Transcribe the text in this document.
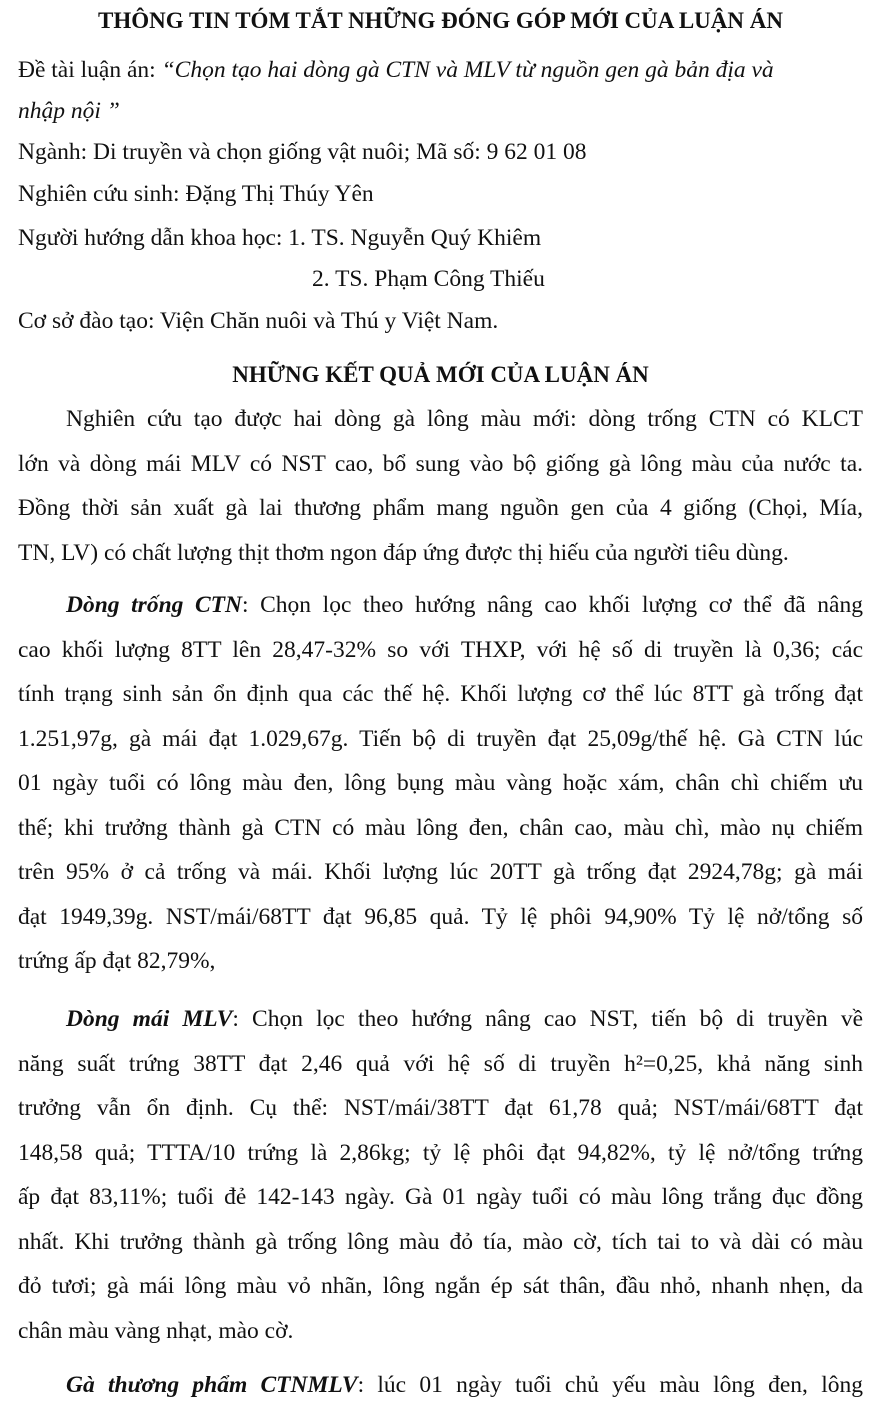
THÔNG TIN TÓM TẮT NHỮNG ĐÓNG GÓP MỚI CỦA LUẬN ÁN

Đề tài luận án: “Chọn tạo hai dòng gà CTN và MLV từ nguồn gen gà bản địa và

nhập nội ”

Ngành: Di truyền và chọn giống vật nuôi; Mã số: 9 62 01 08

Nghiên cứu sinh: Đặng Thị Thúy Yên

Người hướng dẫn khoa học: 1. TS. Nguyễn Quý Khiêm

2. TS. Phạm Công Thiếu

Cơ sở đào tạo: Viện Chăn nuôi và Thú y Việt Nam.

NHỮNG KẾT QUẢ MỚI CỦA LUẬN ÁN
Nghiên cứu tạo được hai dòng gà lông màu mới: dòng trống CTN có KLCT
lớn và dòng mái MLV có NST cao, bổ sung vào bộ giống gà lông màu của nước ta.
Đồng thời sản xuất gà lai thương phẩm mang nguồn gen của 4 giống (Chọi, Mía,
TN, LV) có chất lượng thịt thơm ngon đáp ứng được thị hiếu của người tiêu dùng.
Dòng trống CTN: Chọn lọc theo hướng nâng cao khối lượng cơ thể đã nâng
cao khối lượng 8TT lên 28,47-32% so với THXP, với hệ số di truyền là 0,36; các
tính trạng sinh sản ổn định qua các thế hệ. Khối lượng cơ thể lúc 8TT gà trống đạt
1.251,97g, gà mái đạt 1.029,67g. Tiến bộ di truyền đạt 25,09g/thế hệ. Gà CTN lúc
01 ngày tuổi có lông màu đen, lông bụng màu vàng hoặc xám, chân chì chiếm ưu
thế; khi trưởng thành gà CTN có màu lông đen, chân cao, màu chì, mào nụ chiếm
trên 95% ở cả trống và mái. Khối lượng lúc 20TT gà trống đạt 2924,78g; gà mái
đạt 1949,39g. NST/mái/68TT đạt 96,85 quả. Tỷ lệ phôi 94,90% Tỷ lệ nở/tổng số
trứng ấp đạt 82,79%,
Dòng mái MLV: Chọn lọc theo hướng nâng cao NST, tiến bộ di truyền về
năng suất trứng 38TT đạt 2,46 quả với hệ số di truyền h²=0,25, khả năng sinh
trưởng vẫn ổn định. Cụ thể: NST/mái/38TT đạt 61,78 quả; NST/mái/68TT đạt
148,58 quả; TTTA/10 trứng là 2,86kg; tỷ lệ phôi đạt 94,82%, tỷ lệ nở/tổng trứng
ấp đạt 83,11%; tuổi đẻ 142-143 ngày. Gà 01 ngày tuổi có màu lông trắng đục đồng
nhất. Khi trưởng thành gà trống lông màu đỏ tía, mào cờ, tích tai to và dài có màu
đỏ tươi; gà mái lông màu vỏ nhãn, lông ngắn ép sát thân, đầu nhỏ, nhanh nhẹn, da
chân màu vàng nhạt, mào cờ.
Gà thương phẩm CTNMLV: lúc 01 ngày tuổi chủ yếu màu lông đen, lông
